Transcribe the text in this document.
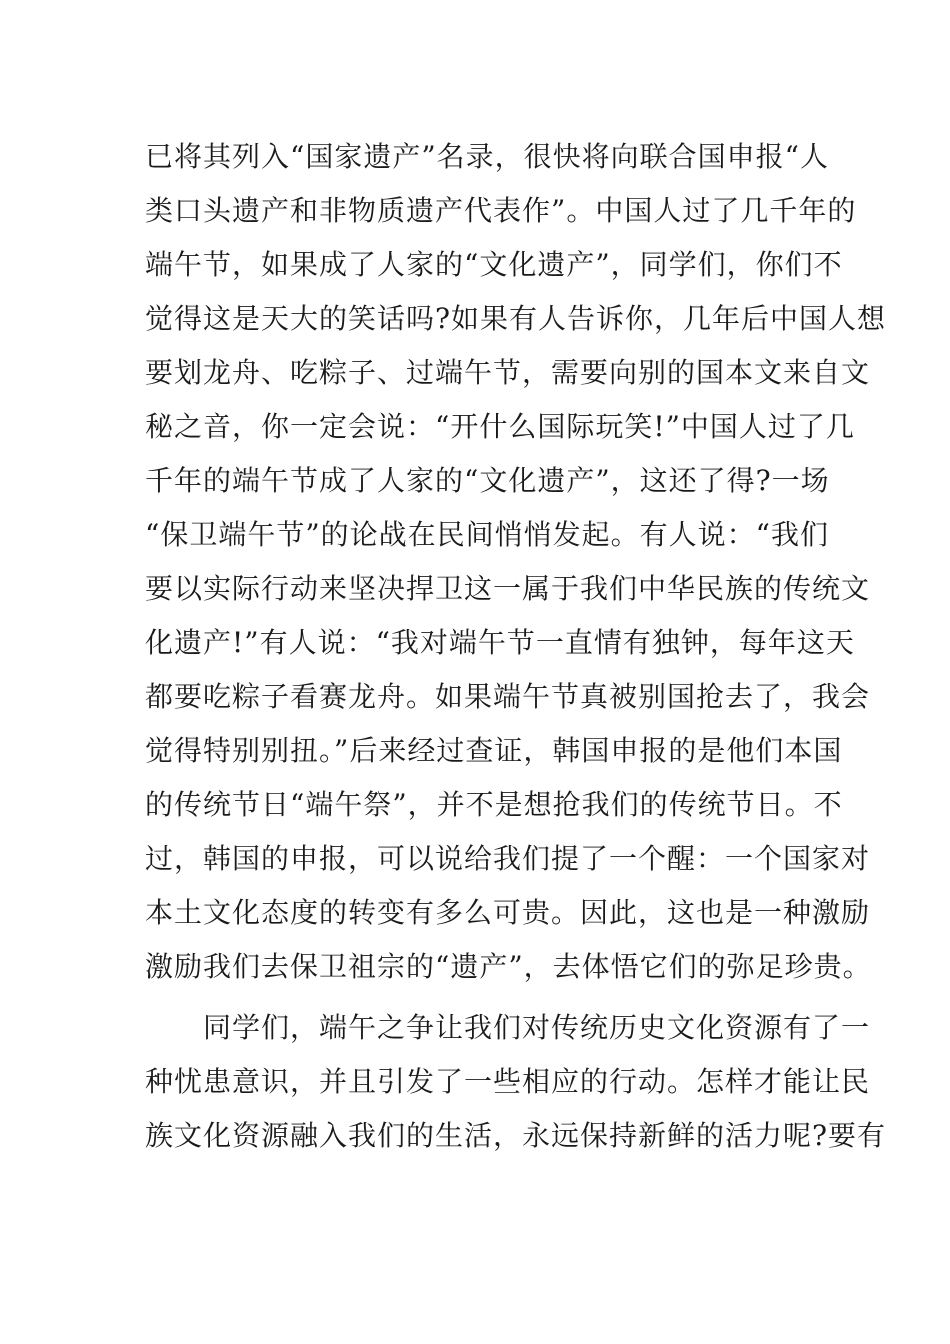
已将其列入“国家遗产”名录，很快将向联合国申报“人
类口头遗产和非物质遗产代表作”。中国人过了几千年的
端午节，如果成了人家的“文化遗产”，同学们，你们不
觉得这是天大的笑话吗?如果有人告诉你，几年后中国人想
要划龙舟、吃粽子、过端午节，需要向别的国本文来自文
秘之音，你一定会说：“开什么国际玩笑!”中国人过了几
千年的端午节成了人家的“文化遗产”，这还了得?一场
“保卫端午节”的论战在民间悄悄发起。有人说：“我们
要以实际行动来坚决捍卫这一属于我们中华民族的传统文
化遗产!”有人说：“我对端午节一直情有独钟，每年这天
都要吃粽子看赛龙舟。如果端午节真被别国抢去了，我会
觉得特别别扭。”后来经过查证，韩国申报的是他们本国
的传统节日“端午祭”，并不是想抢我们的传统节日。不
过，韩国的申报，可以说给我们提了一个醒：一个国家对
本土文化态度的转变有多么可贵。因此，这也是一种激励
激励我们去保卫祖宗的“遗产”，去体悟它们的弥足珍贵。
　　同学们，端午之争让我们对传统历史文化资源有了一
种忧患意识，并且引发了一些相应的行动。怎样才能让民
族文化资源融入我们的生活，永远保持新鲜的活力呢?要有
